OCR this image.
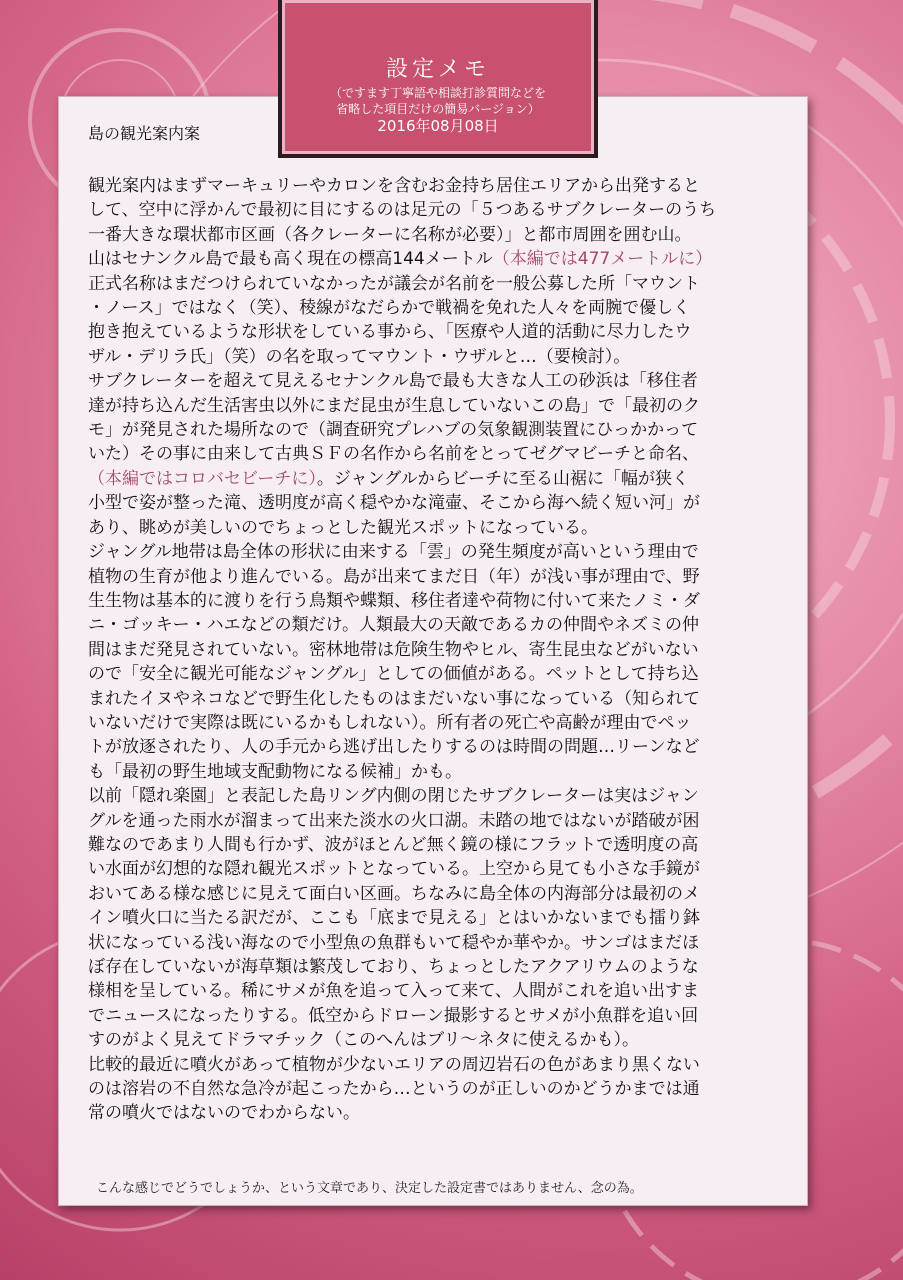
設定メモ
（ですます丁寧語や相談打診質問などを
省略した項目だけの簡易バージョン）
2016年08月08日
島の観光案内案
観光案内はまずマーキュリーやカロンを含むお金持ち居住エリアから出発すると
して、空中に浮かんで最初に目にするのは足元の「５つあるサブクレーターのうち
一番大きな環状都市区画（各クレーターに名称が必要）」と都市周囲を囲む山。
山はセナンクル島で最も高く現在の標高144メートル（本編では477メートルに）
正式名称はまだつけられていなかったが議会が名前を一般公募した所「マウント
・ノース」ではなく（笑）、稜線がなだらかで戦禍を免れた人々を両腕で優しく
抱き抱えているような形状をしている事から、「医療や人道的活動に尽力したウ
ザル・デリラ氏」（笑）の名を取ってマウント・ウザルと…（要検討）。
サブクレーターを超えて見えるセナンクル島で最も大きな人工の砂浜は「移住者
達が持ち込んだ生活害虫以外にまだ昆虫が生息していないこの島」で「最初のク
モ」が発見された場所なので（調査研究プレハブの気象観測装置にひっかかって
いた）その事に由来して古典ＳＦの名作から名前をとってゼグマビーチと命名、
（本編ではコロバセビーチに）。ジャングルからビーチに至る山裾に「幅が狭く
小型で姿が整った滝、透明度が高く穏やかな滝壷、そこから海へ続く短い河」が
あり、眺めが美しいのでちょっとした観光スポットになっている。
ジャングル地帯は島全体の形状に由来する「雲」の発生頻度が高いという理由で
植物の生育が他より進んでいる。島が出来てまだ日（年）が浅い事が理由で、野
生生物は基本的に渡りを行う鳥類や蝶類、移住者達や荷物に付いて来たノミ・ダ
ニ・ゴッキー・ハエなどの類だけ。人類最大の天敵であるカの仲間やネズミの仲
間はまだ発見されていない。密林地帯は危険生物やヒル、寄生昆虫などがいない
ので「安全に観光可能なジャングル」としての価値がある。ペットとして持ち込
まれたイヌやネコなどで野生化したものはまだいない事になっている（知られて
いないだけで実際は既にいるかもしれない）。所有者の死亡や高齢が理由でペッ
トが放逐されたり、人の手元から逃げ出したりするのは時間の問題…リーンなど
も「最初の野生地域支配動物になる候補」かも。
以前「隠れ楽園」と表記した島リング内側の閉じたサブクレーターは実はジャン
グルを通った雨水が溜まって出来た淡水の火口湖。未踏の地ではないが踏破が困
難なのであまり人間も行かず、波がほとんど無く鏡の様にフラットで透明度の高
い水面が幻想的な隠れ観光スポットとなっている。上空から見ても小さな手鏡が
おいてある様な感じに見えて面白い区画。ちなみに島全体の内海部分は最初のメ
イン噴火口に当たる訳だが、ここも「底まで見える」とはいかないまでも擂り鉢
状になっている浅い海なので小型魚の魚群もいて穏やか華やか。サンゴはまだほ
ぼ存在していないが海草類は繁茂しており、ちょっとしたアクアリウムのような
様相を呈している。稀にサメが魚を追って入って来て、人間がこれを追い出すま
でニュースになったりする。低空からドローン撮影するとサメが小魚群を追い回
すのがよく見えてドラマチック（このへんはブリ～ネタに使えるかも）。
比較的最近に噴火があって植物が少ないエリアの周辺岩石の色があまり黒くない
のは溶岩の不自然な急冷が起こったから…というのが正しいのかどうかまでは通
常の噴火ではないのでわからない。
こんな感じでどうでしょうか、という文章であり、決定した設定書ではありません、念の為。
